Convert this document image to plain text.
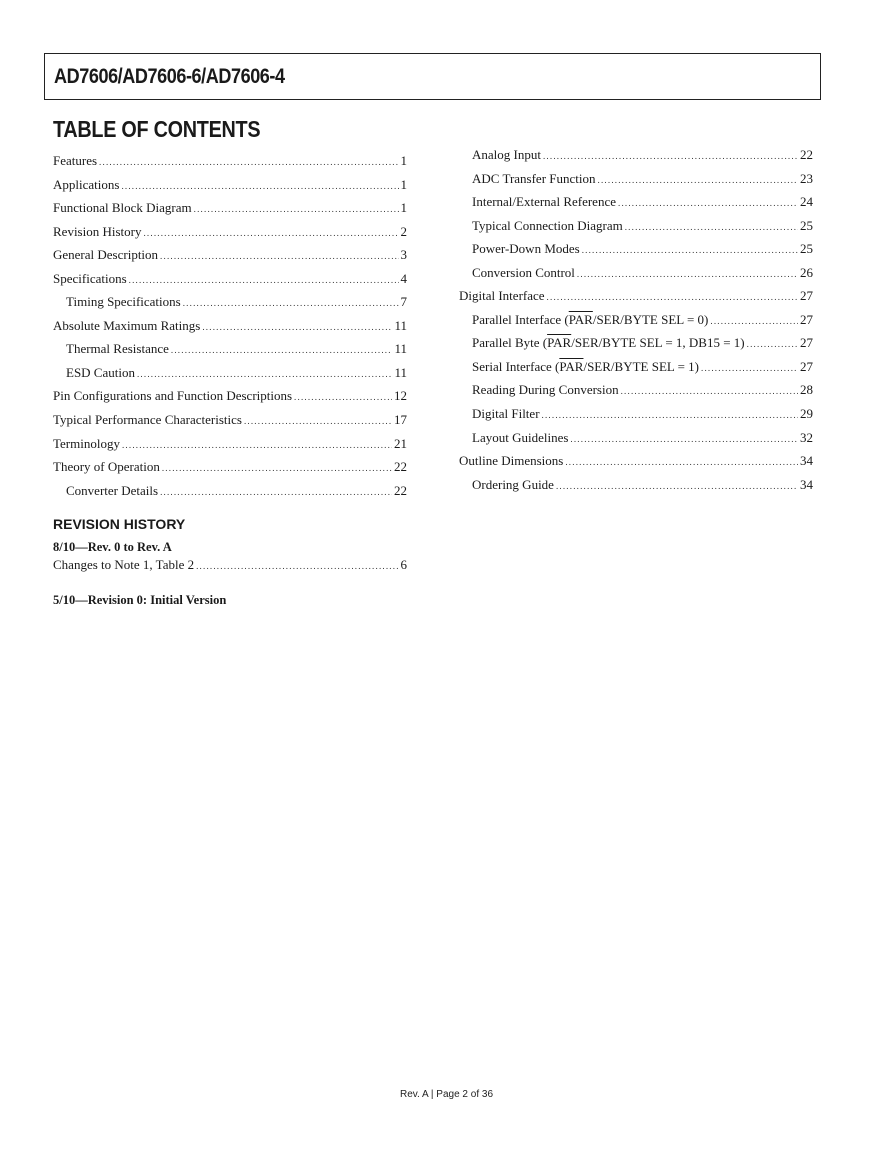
AD7606/AD7606-6/AD7606-4
TABLE OF CONTENTS
Features .....	1
Applications .....	1
Functional Block Diagram .....	1
Revision History .....	2
General Description .....	3
Specifications .....	4
Timing Specifications .....	7
Absolute Maximum Ratings .....	11
Thermal Resistance .....	11
ESD Caution .....	11
Pin Configurations and Function Descriptions .....	12
Typical Performance Characteristics .....	17
Terminology .....	21
Theory of Operation .....	22
Converter Details .....	22
Analog Input .....	22
ADC Transfer Function .....	23
Internal/External Reference .....	24
Typical Connection Diagram .....	25
Power-Down Modes .....	25
Conversion Control .....	26
Digital Interface .....	27
Parallel Interface ($\overline{PAR}/SER$/BYTE SEL = 0) .....	27
Parallel Byte ($\overline{PAR}/SER$/BYTE SEL = 1, DB15 = 1) .....	27
Serial Interface ($\overline{PAR}/SER$/BYTE SEL = 1) .....	27
Reading During Conversion .....	28
Digital Filter .....	29
Layout Guidelines .....	32
Outline Dimensions .....	34
Ordering Guide .....	34
REVISION HISTORY
8/10—Rev. 0 to Rev. A
Changes to Note 1, Table 2 .....	6
5/10—Revision 0: Initial Version
Rev. A | Page 2 of 36
